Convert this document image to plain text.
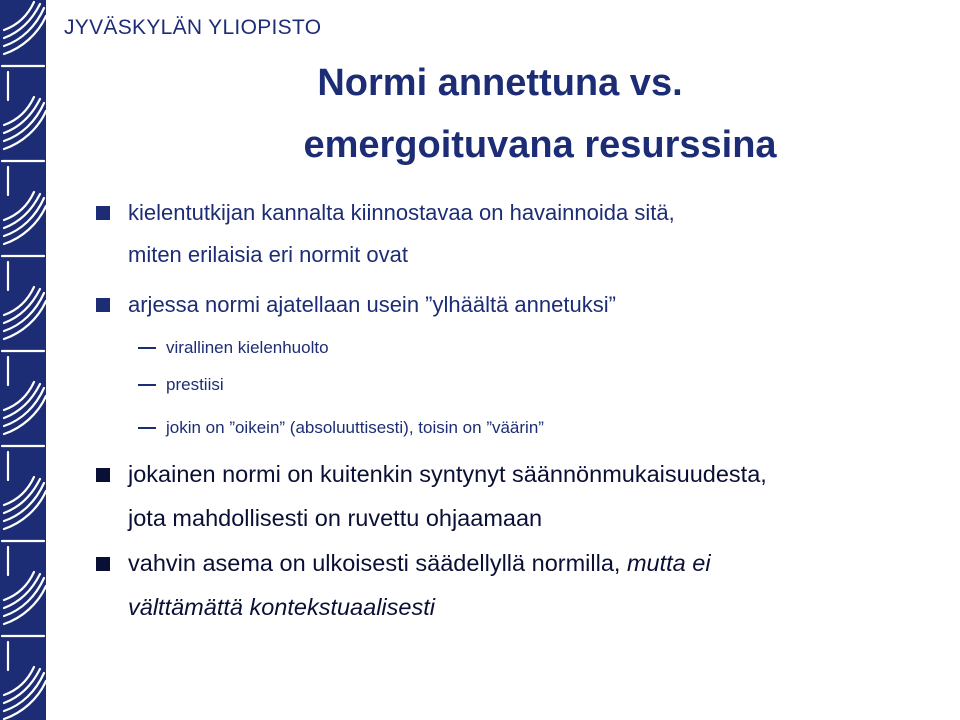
JYVÄSKYLÄN YLIOPISTO
Normi annettuna vs.
emergoituvana resurssina
kielentutkijan kannalta kiinnostavaa on havainnoida sitä,
miten erilaisia eri normit ovat
arjessa normi ajatellaan usein ”ylhäältä annetuksi”
virallinen kielenhuolto
prestiisi
jokin on ”oikein” (absoluuttisesti), toisin on ”väärin”
jokainen normi on kuitenkin syntynyt säännönmukaisuudesta,
jota mahdollisesti on ruvettu ohjaamaan
vahvin asema on ulkoisesti säädellyllä normilla, mutta ei
välttämättä kontekstuaalisesti
